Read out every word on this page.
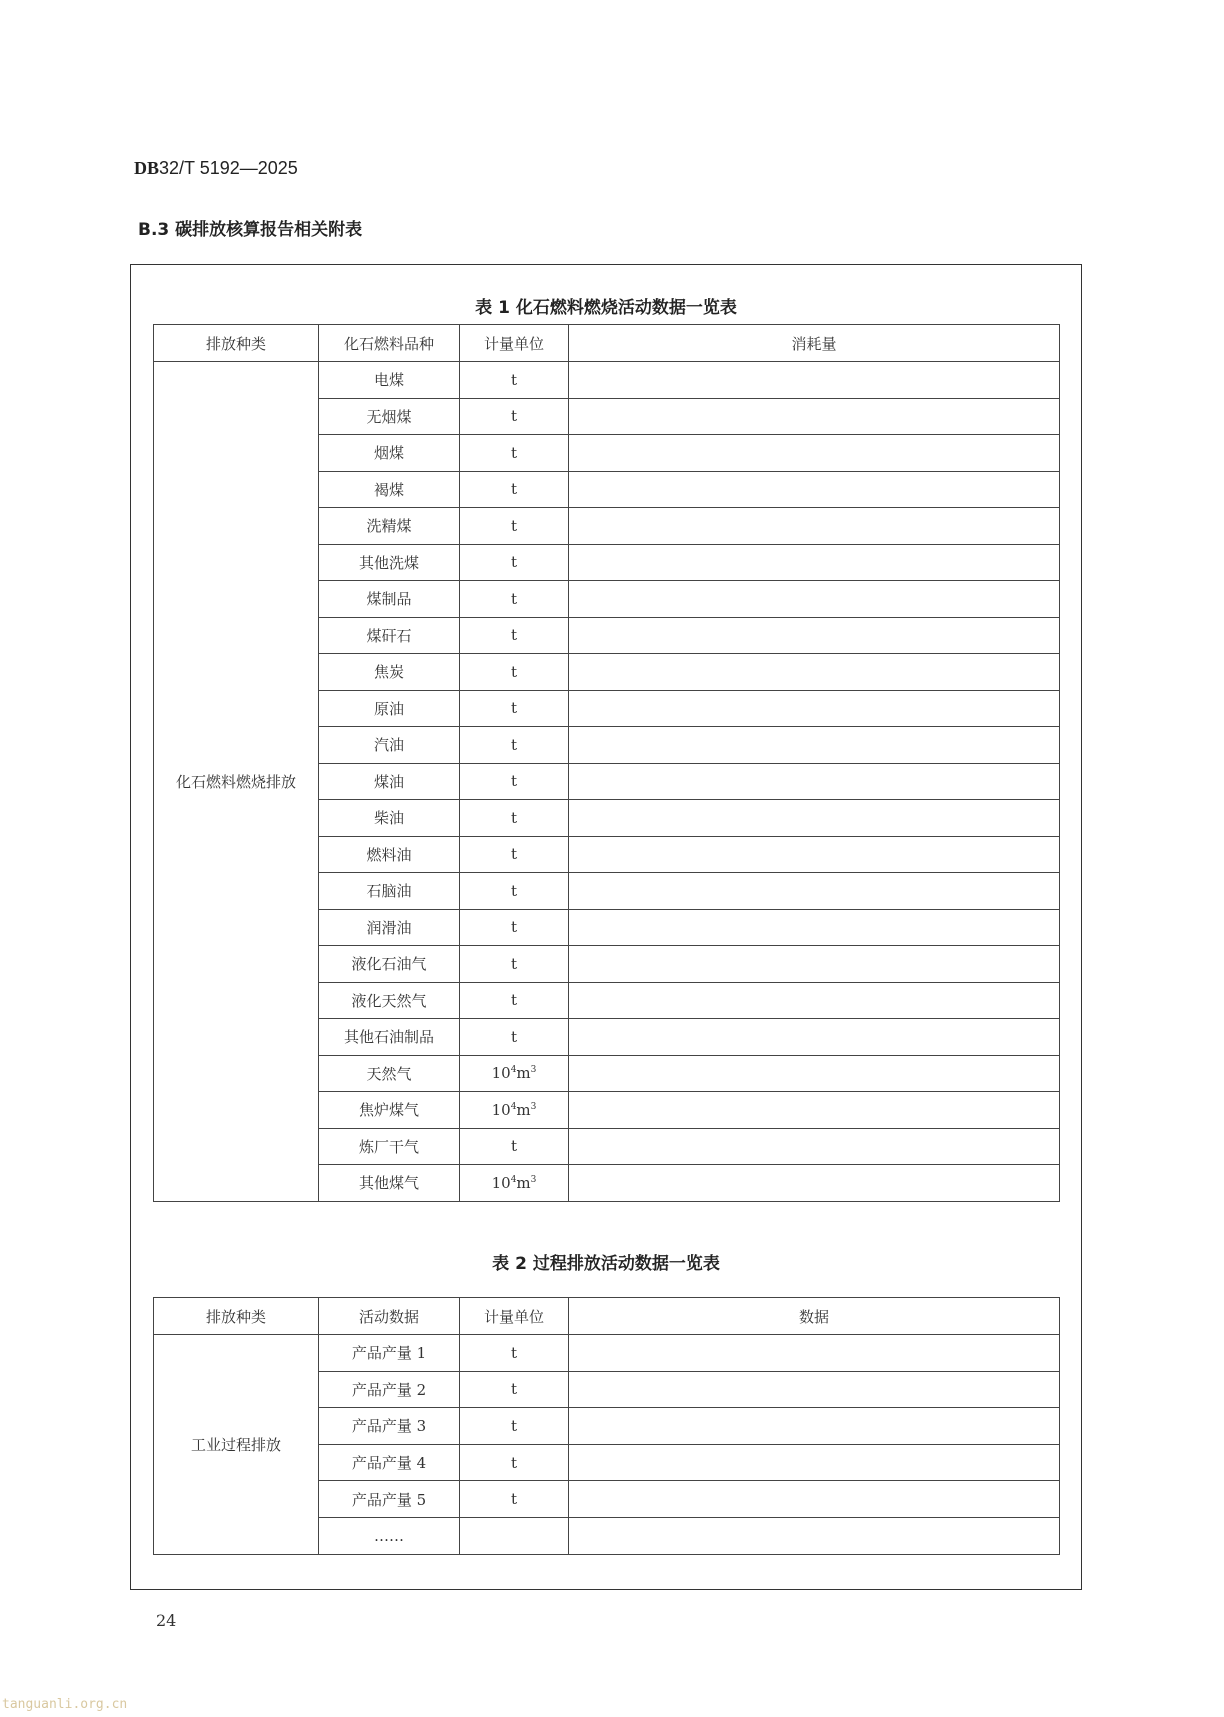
DB32/T 5192—2025
B.3 碳排放核算报告相关附表
表 1 化石燃料燃烧活动数据一览表
排放种类	化石燃料品种	计量单位	消耗量
化石燃料燃烧排放	电煤	t	
	无烟煤	t	
	烟煤	t	
	褐煤	t	
	洗精煤	t	
	其他洗煤	t	
	煤制品	t	
	煤矸石	t	
	焦炭	t	
	原油	t	
	汽油	t	
	煤油	t	
	柴油	t	
	燃料油	t	
	石脑油	t	
	润滑油	t	
	液化石油气	t	
	液化天然气	t	
	其他石油制品	t	
	天然气	$10^4m^3$	
	焦炉煤气	$10^4m^3$	
	炼厂干气	t	
	其他煤气	$10^4m^3$	
表 2 过程排放活动数据一览表
排放种类	活动数据	计量单位	数据
工业过程排放	产品产量 1	t	
	产品产量 2	t	
	产品产量 3	t	
	产品产量 4	t	
	产品产量 5	t	
	……		
24
tanguanli.org.cn
